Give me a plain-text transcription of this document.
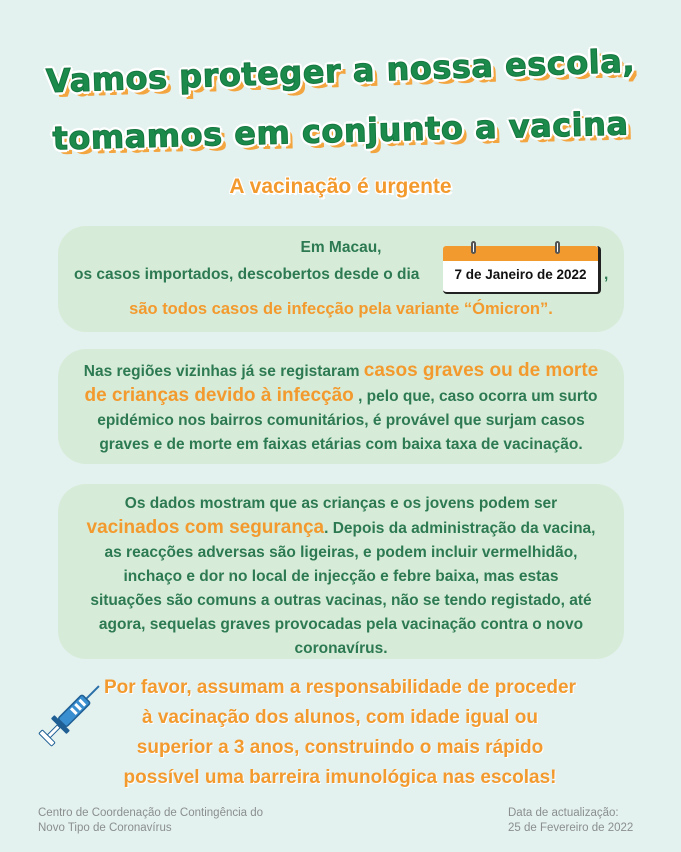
Vamos proteger a nossa escola,
tomamos em conjunto a vacina
A vacinação é urgente
Em Macau,
os casos importados, descobertos desde o dia	7 de Janeiro de 2022	,
são todos casos de infecção pela variante “Ómicron”.
Nas regiões vizinhas já se registaram casos graves ou de morte de crianças devido à infecção , pelo que, caso ocorra um surto epidémico nos bairros comunitários, é provável que surjam casos graves e de morte em faixas etárias com baixa taxa de vacinação.
Os dados mostram que as crianças e os jovens podem ser vacinados com segurança. Depois da administração da vacina, as reacções adversas são ligeiras, e podem incluir vermelhidão, inchaço e dor no local de injecção e febre baixa, mas estas situações são comuns a outras vacinas, não se tendo registado, até agora, sequelas graves provocadas pela vacinação contra o novo coronavírus.
Por favor, assumam a responsabilidade de proceder
à vacinação dos alunos, com idade igual ou
superior a 3 anos, construindo o mais rápido
possível uma barreira imunológica nas escolas!
Centro de Coordenação de Contingência do
Novo Tipo de Coronavírus
Data de actualização:
25 de Fevereiro de 2022
